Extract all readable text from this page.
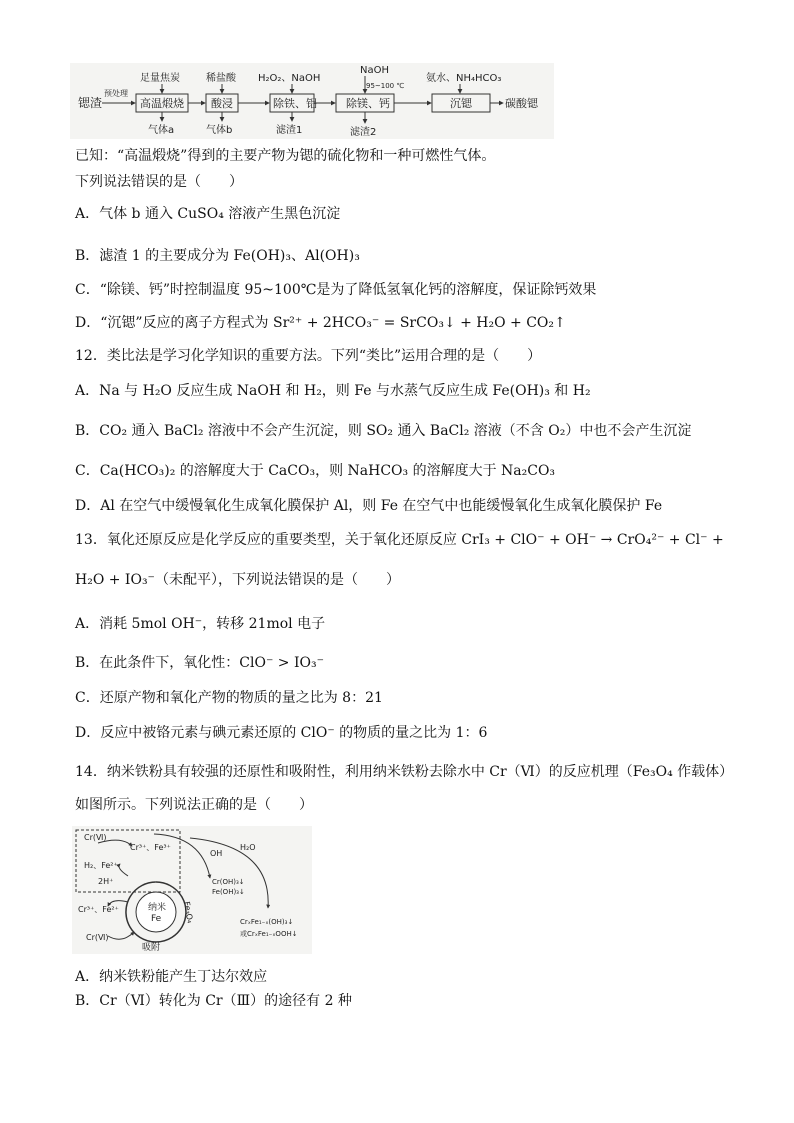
锶渣
预处理
高温煅烧
足量焦炭
气体a
酸浸
稀盐酸
气体b
除铁、铝
H₂O₂、NaOH
滤渣1
除镁、钙
NaOH
95~100 ℃
滤渣2
沉锶
氨水、NH₄HCO₃
碳酸锶
已知：“高温煅烧”得到的主要产物为锶的硫化物和一种可燃性气体。
下列说法错误的是（　　）
A．气体 b 通入 CuSO₄ 溶液产生黑色沉淀
B．滤渣 1 的主要成分为 Fe(OH)₃、Al(OH)₃
C．“除镁、钙”时控制温度 95~100℃是为了降低氢氧化钙的溶解度，保证除钙效果
D．“沉锶”反应的离子方程式为 Sr²⁺ + 2HCO₃⁻ = SrCO₃↓ + H₂O + CO₂↑
12．类比法是学习化学知识的重要方法。下列“类比”运用合理的是（　　）
A．Na 与 H₂O 反应生成 NaOH 和 H₂，则 Fe 与水蒸气反应生成 Fe(OH)₃ 和 H₂
B．CO₂ 通入 BaCl₂ 溶液中不会产生沉淀，则 SO₂ 通入 BaCl₂ 溶液（不含 O₂）中也不会产生沉淀
C．Ca(HCO₃)₂ 的溶解度大于 CaCO₃，则 NaHCO₃ 的溶解度大于 Na₂CO₃
D．Al 在空气中缓慢氧化生成氧化膜保护 Al，则 Fe 在空气中也能缓慢氧化生成氧化膜保护 Fe
13．氧化还原反应是化学反应的重要类型，关于氧化还原反应 CrI₃ + ClO⁻ + OH⁻ → CrO₄²⁻ + Cl⁻ +
H₂O + IO₃⁻（未配平），下列说法错误的是（　　）
A．消耗 5mol OH⁻，转移 21mol 电子
B．在此条件下，氧化性：ClO⁻ > IO₃⁻
C．还原产物和氧化产物的物质的量之比为 8：21
D．反应中被铬元素与碘元素还原的 ClO⁻ 的物质的量之比为 1：6
14．纳米铁粉具有较强的还原性和吸附性，利用纳米铁粉去除水中 Cr（Ⅵ）的反应机理（Fe₃O₄ 作载体）
如图所示。下列说法正确的是（　　）
纳米
Fe	Fe₃O₄
Cr(Ⅵ)
Cr³⁺、Fe³⁺
H₂、Fe²⁺
2H⁺
Cr³⁺、Fe²⁺
Cr(Ⅵ)
吸附
OH
H₂O
Cr(OH)₃↓
Fe(OH)₃↓
CrₓFe₁₋ₓ(OH)₃↓
或CrₓFe₁₋ₓOOH↓
A．纳米铁粉能产生丁达尔效应
B．Cr（Ⅵ）转化为 Cr（Ⅲ）的途径有 2 种
